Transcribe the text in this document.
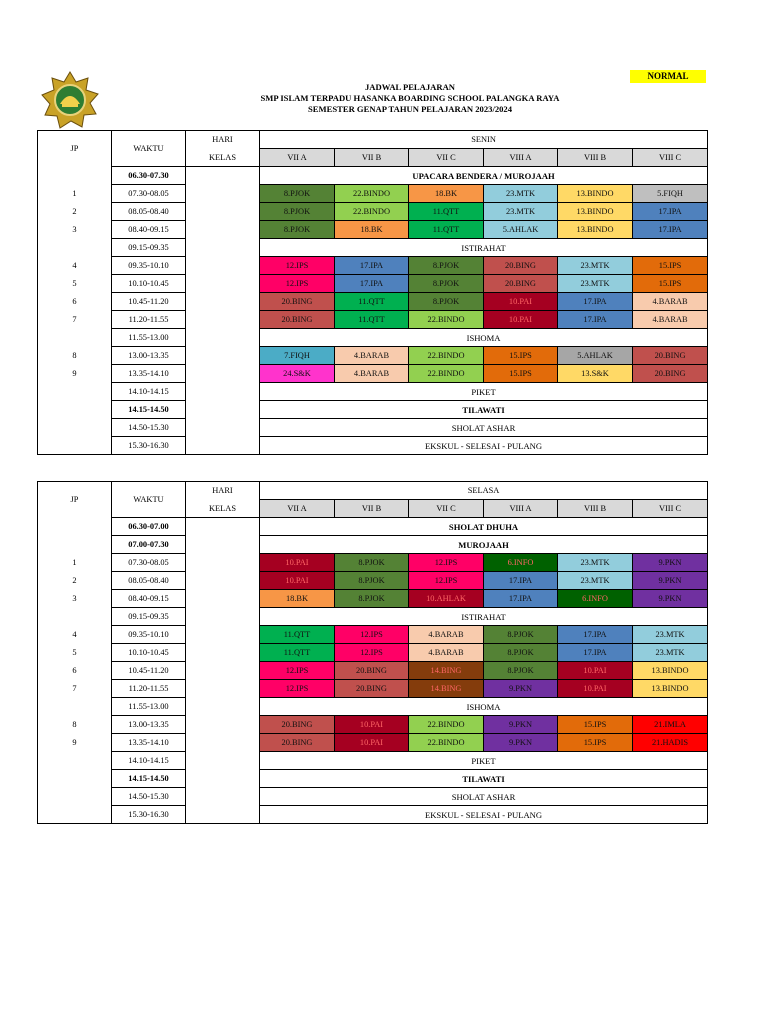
NORMAL
JADWAL PELAJARAN
SMP ISLAM TERPADU HASANKA BOARDING SCHOOL PALANGKA RAYA
SEMESTER GENAP TAHUN PELAJARAN 2023/2024
JP	WAKTU	HARI	SENIN					
		KELAS	VII A	VII B	VII C	VIII A	VIII B	VIII C
	06.30-07.30		UPACARA BENDERA / MUROJAAH					
1	07.30-08.05		8.PJOK	22.BINDO	18.BK	23.MTK	13.BINDO	5.FIQH
2	08.05-08.40		8.PJOK	22.BINDO	11.QTT	23.MTK	13.BINDO	17.IPA
3	08.40-09.15		8.PJOK	18.BK	11.QTT	5.AHLAK	13.BINDO	17.IPA
	09.15-09.35		ISTIRAHAT					
4	09.35-10.10		12.IPS	17.IPA	8.PJOK	20.BING	23.MTK	15.IPS
5	10.10-10.45		12.IPS	17.IPA	8.PJOK	20.BING	23.MTK	15.IPS
6	10.45-11.20		20.BING	11.QTT	8.PJOK	10.PAI	17.IPA	4.BARAB
7	11.20-11.55		20.BING	11.QTT	22.BINDO	10.PAI	17.IPA	4.BARAB
	11.55-13.00		ISHOMA					
8	13.00-13.35		7.FIQH	4.BARAB	22.BINDO	15.IPS	5.AHLAK	20.BING
9	13.35-14.10		24.S&K	4.BARAB	22.BINDO	15.IPS	13.S&K	20.BING
	14.10-14.15		PIKET					
	14.15-14.50		TILAWATI					
	14.50-15.30		SHOLAT ASHAR					
	15.30-16.30		EKSKUL - SELESAI - PULANG					
JP	WAKTU	HARI	SELASA					
		KELAS	VII A	VII B	VII C	VIII A	VIII B	VIII C
	06.30-07.00		SHOLAT DHUHA					
	07.00-07.30		MUROJAAH					
1	07.30-08.05		10.PAI	8.PJOK	12.IPS	6.INFO	23.MTK	9.PKN
2	08.05-08.40		10.PAI	8.PJOK	12.IPS	17.IPA	23.MTK	9.PKN
3	08.40-09.15		18.BK	8.PJOK	10.AHLAK	17.IPA	6.INFO	9.PKN
	09.15-09.35		ISTIRAHAT					
4	09.35-10.10		11.QTT	12.IPS	4.BARAB	8.PJOK	17.IPA	23.MTK
5	10.10-10.45		11.QTT	12.IPS	4.BARAB	8.PJOK	17.IPA	23.MTK
6	10.45-11.20		12.IPS	20.BING	14.BING	8.PJOK	10.PAI	13.BINDO
7	11.20-11.55		12.IPS	20.BING	14.BING	9.PKN	10.PAI	13.BINDO
	11.55-13.00		ISHOMA					
8	13.00-13.35		20.BING	10.PAI	22.BINDO	9.PKN	15.IPS	21.IMLA
9	13.35-14.10		20.BING	10.PAI	22.BINDO	9.PKN	15.IPS	21.HADIS
	14.10-14.15		PIKET					
	14.15-14.50		TILAWATI					
	14.50-15.30		SHOLAT ASHAR					
	15.30-16.30		EKSKUL - SELESAI - PULANG					
